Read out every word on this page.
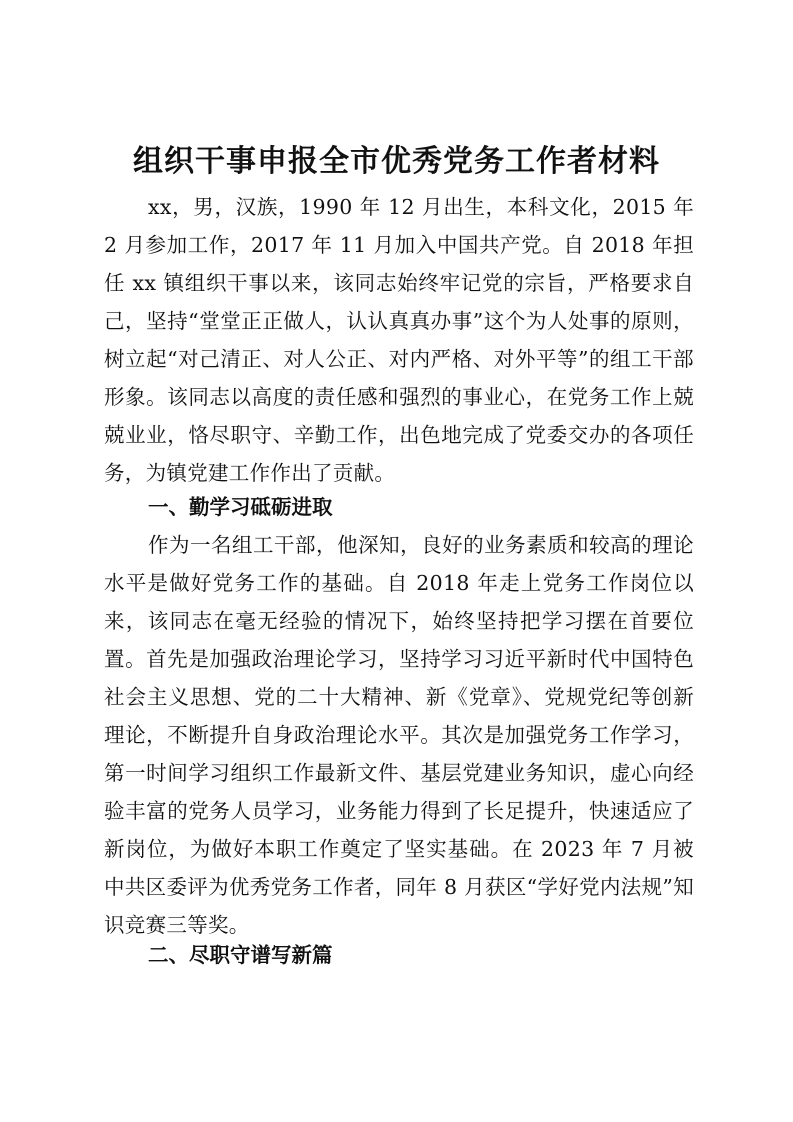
组织干事申报全市优秀党务工作者材料
xx，男，汉族，1990 年 12 月出生，本科文化，2015 年 2 月参加工作，2017 年 11 月加入中国共产党。自 2018 年担任 xx 镇组织干事以来，该同志始终牢记党的宗旨，严格要求自己，坚持“堂堂正正做人，认认真真办事”这个为人处事的原则，树立起“对己清正、对人公正、对内严格、对外平等”的组工干部形象。该同志以高度的责任感和强烈的事业心，在党务工作上兢兢业业，恪尽职守、辛勤工作，出色地完成了党委交办的各项任务，为镇党建工作作出了贡献。
一、勤学习砥砺进取
作为一名组工干部，他深知，良好的业务素质和较高的理论水平是做好党务工作的基础。自 2018 年走上党务工作岗位以来，该同志在毫无经验的情况下，始终坚持把学习摆在首要位置。首先是加强政治理论学习，坚持学习习近平新时代中国特色社会主义思想、党的二十大精神、新《党章》、党规党纪等创新理论，不断提升自身政治理论水平。其次是加强党务工作学习，第一时间学习组织工作最新文件、基层党建业务知识，虚心向经验丰富的党务人员学习，业务能力得到了长足提升，快速适应了新岗位，为做好本职工作奠定了坚实基础。在 2023 年 7 月被中共区委评为优秀党务工作者，同年 8 月获区“学好党内法规”知识竞赛三等奖。
二、尽职守谱写新篇
